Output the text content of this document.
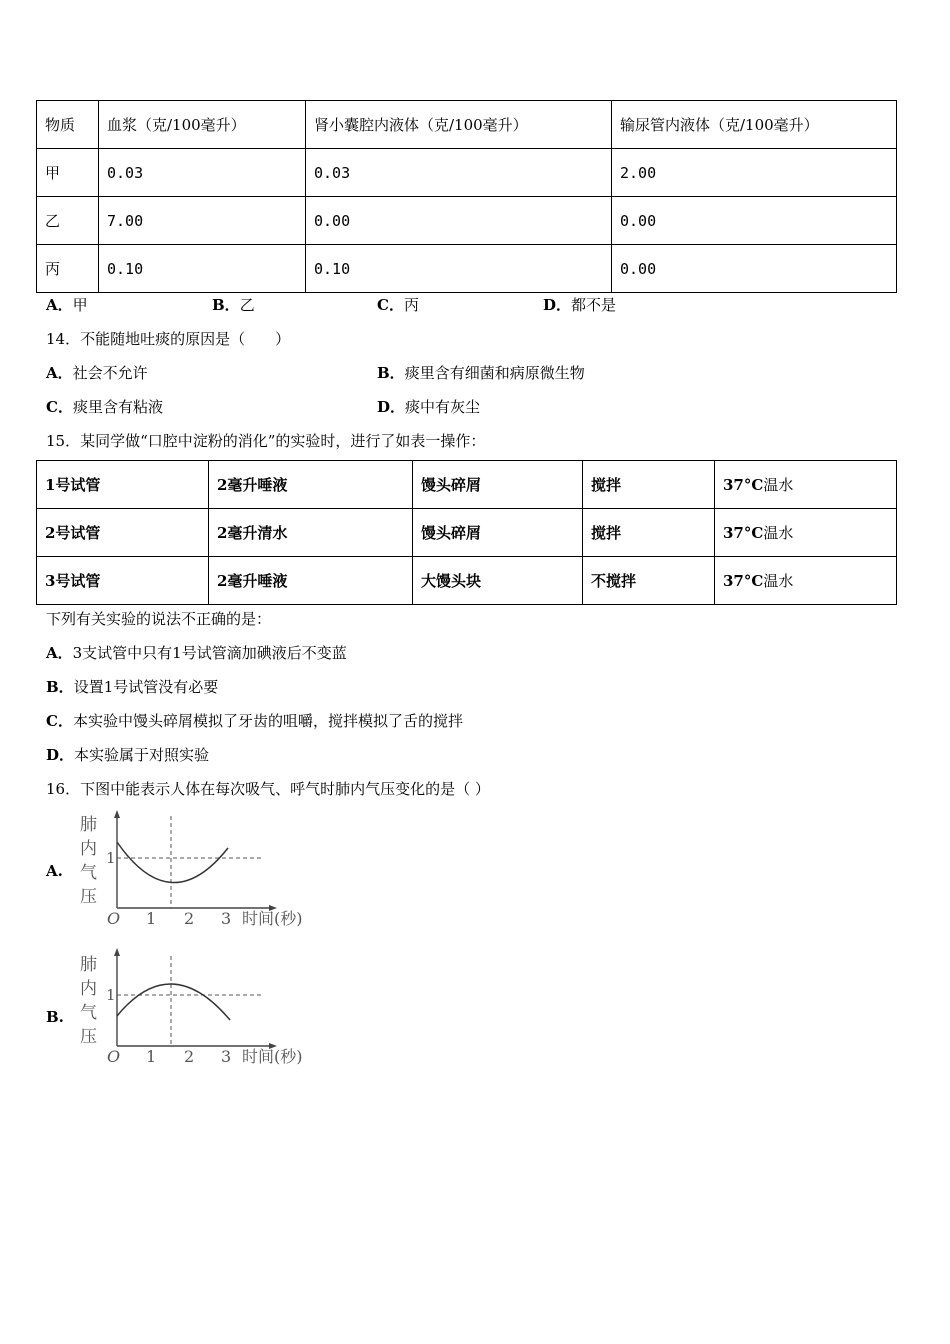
物质	血浆（克/100毫升）	肾小囊腔内液体（克/100毫升）	输尿管内液体（克/100毫升）
甲	0.03	0.03	2.00
乙	7.00	0.00	0.00
丙	0.10	0.10	0.00
A．甲	B．乙	C．丙	D．都不是
14．不能随地吐痰的原因是（　　）
A．社会不允许	B．痰里含有细菌和病原微生物
C．痰里含有粘液	D．痰中有灰尘
15．某同学做“口腔中淀粉的消化”的实验时，进行了如表一操作：
1号试管	2毫升唾液	馒头碎屑	搅拌	37°C温水
2号试管	2毫升清水	馒头碎屑	搅拌	37°C温水
3号试管	2毫升唾液	大馒头块	不搅拌	37°C温水
下列有关实验的说法不正确的是：
A．3支试管中只有1号试管滴加碘液后不变蓝
B．设置1号试管没有必要
C．本实验中馒头碎屑模拟了牙齿的咀嚼，搅拌模拟了舌的搅拌
D．本实验属于对照实验
16．下图中能表示人体在每次吸气、呼气时肺内气压变化的是（ ）
A.
肺
内
气
压
1
O 1 2 3 时间(秒)
B.
肺
内
气
压
1
O 1 2 3 时间(秒)
